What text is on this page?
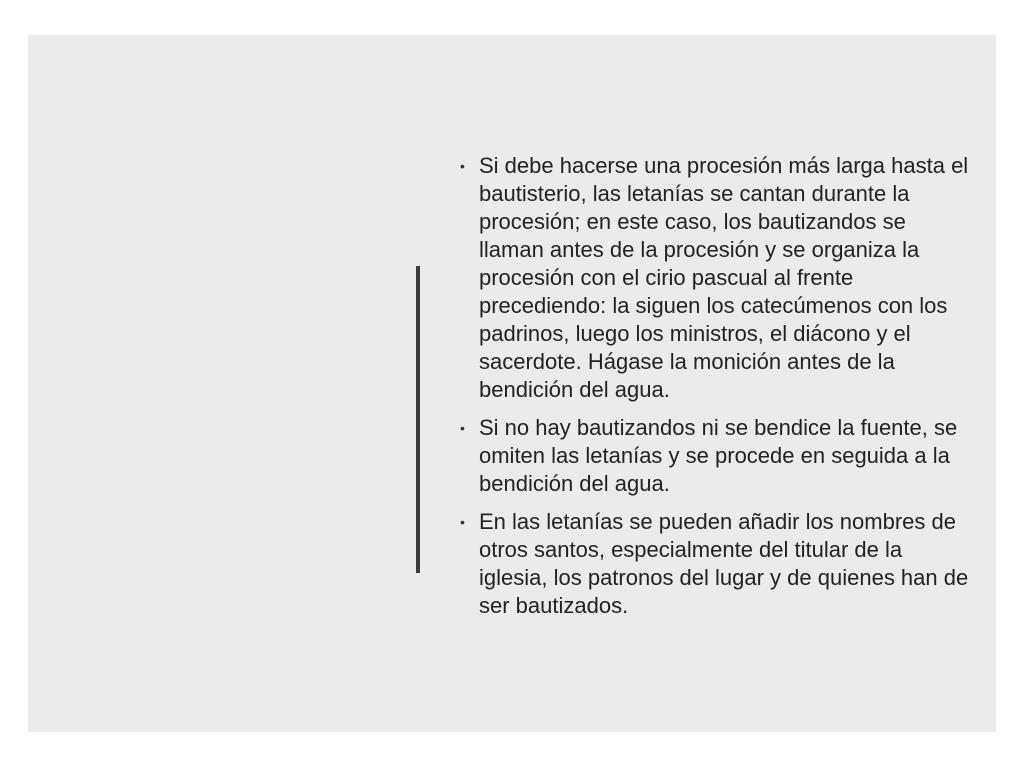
• Si debe hacerse una procesión más larga hasta el bautisterio, las letanías se cantan durante la procesión; en este caso, los bautizandos se llaman antes de la procesión y se organiza la procesión con el cirio pascual al frente precediendo: la siguen los catecúmenos con los padrinos, luego los ministros, el diácono y el sacerdote. Hágase la monición antes de la bendición del agua.
• Si no hay bautizandos ni se bendice la fuente, se omiten las letanías y se procede en seguida a la bendición del agua.
• En las letanías se pueden añadir los nombres de otros santos, especialmente del titular de la iglesia, los patronos del lugar y de quienes han de ser bautizados.
